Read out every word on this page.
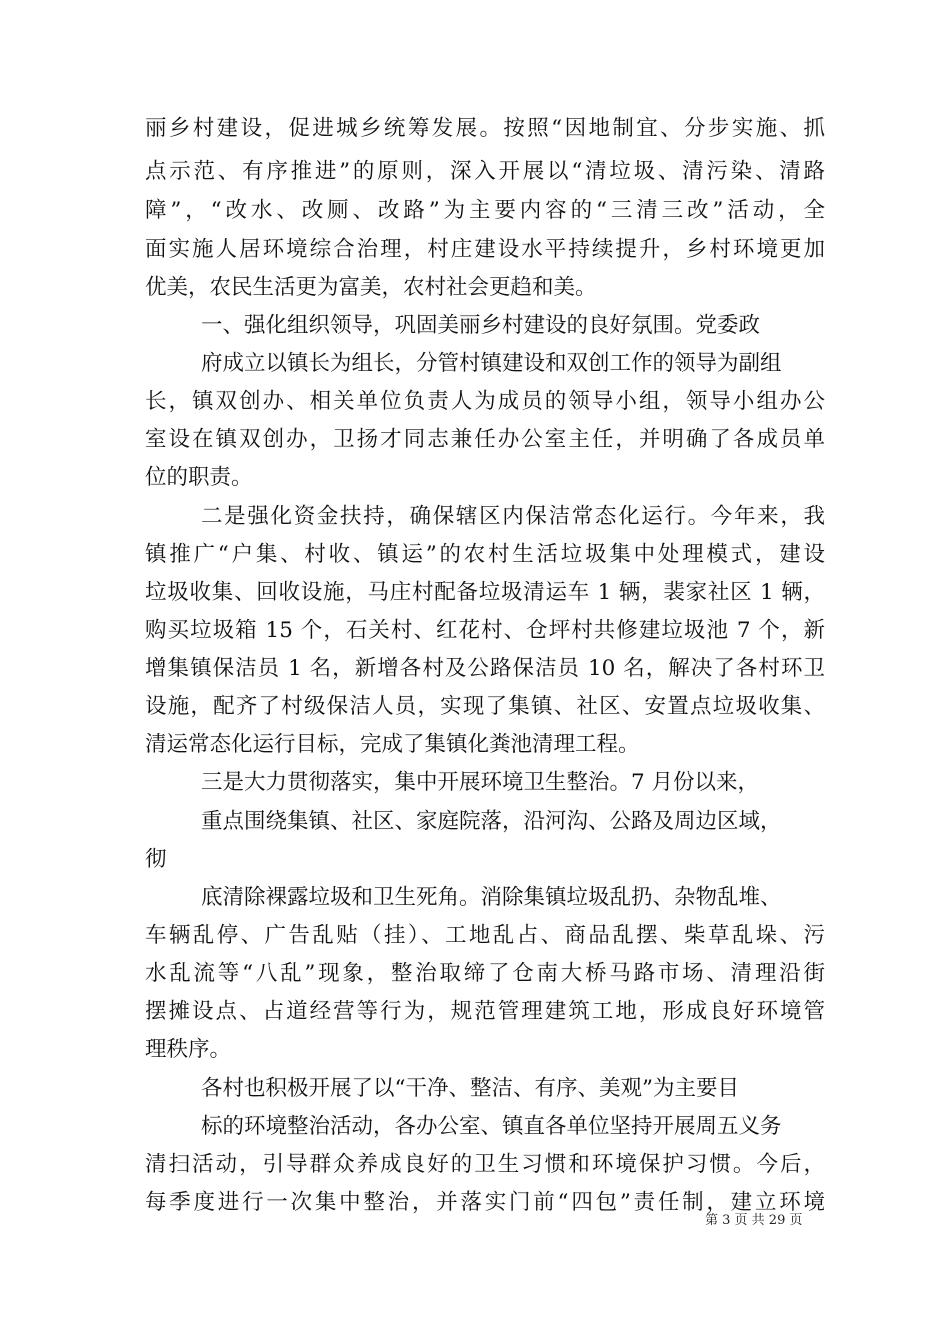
丽乡村建设，促进城乡统筹发展。按照“因地制宜、分步实施、抓
点示范、有序推进”的原则，深入开展以“清垃圾、清污染、清路
障”，“改水、改厕、改路”为主要内容的“三清三改”活动，全
面实施人居环境综合治理，村庄建设水平持续提升，乡村环境更加
优美，农民生活更为富美，农村社会更趋和美。
一、强化组织领导，巩固美丽乡村建设的良好氛围。党委政
府成立以镇长为组长，分管村镇建设和双创工作的领导为副组
长，镇双创办、相关单位负责人为成员的领导小组，领导小组办公
室设在镇双创办，卫扬才同志兼任办公室主任，并明确了各成员单
位的职责。
二是强化资金扶持，确保辖区内保洁常态化运行。今年来，我
镇推广“户集、村收、镇运”的农村生活垃圾集中处理模式，建设
垃圾收集、回收设施，马庄村配备垃圾清运车 1 辆，裴家社区 1 辆，
购买垃圾箱 15 个，石关村、红花村、仓坪村共修建垃圾池 7 个，新
增集镇保洁员 1 名，新增各村及公路保洁员 10 名，解决了各村环卫
设施，配齐了村级保洁人员，实现了集镇、社区、安置点垃圾收集、
清运常态化运行目标，完成了集镇化粪池清理工程。
三是大力贯彻落实，集中开展环境卫生整治。7 月份以来，
重点围绕集镇、社区、家庭院落，沿河沟、公路及周边区域，
彻
底清除裸露垃圾和卫生死角。消除集镇垃圾乱扔、杂物乱堆、
车辆乱停、广告乱贴（挂）、工地乱占、商品乱摆、柴草乱垛、污
水乱流等“八乱”现象，整治取缔了仓南大桥马路市场、清理沿街
摆摊设点、占道经营等行为，规范管理建筑工地，形成良好环境管
理秩序。
各村也积极开展了以“干净、整洁、有序、美观”为主要目
标的环境整治活动，各办公室、镇直各单位坚持开展周五义务
清扫活动，引导群众养成良好的卫生习惯和环境保护习惯。今后，
每季度进行一次集中整治，并落实门前“四包”责任制，建立环境
第 3 页 共 29 页
